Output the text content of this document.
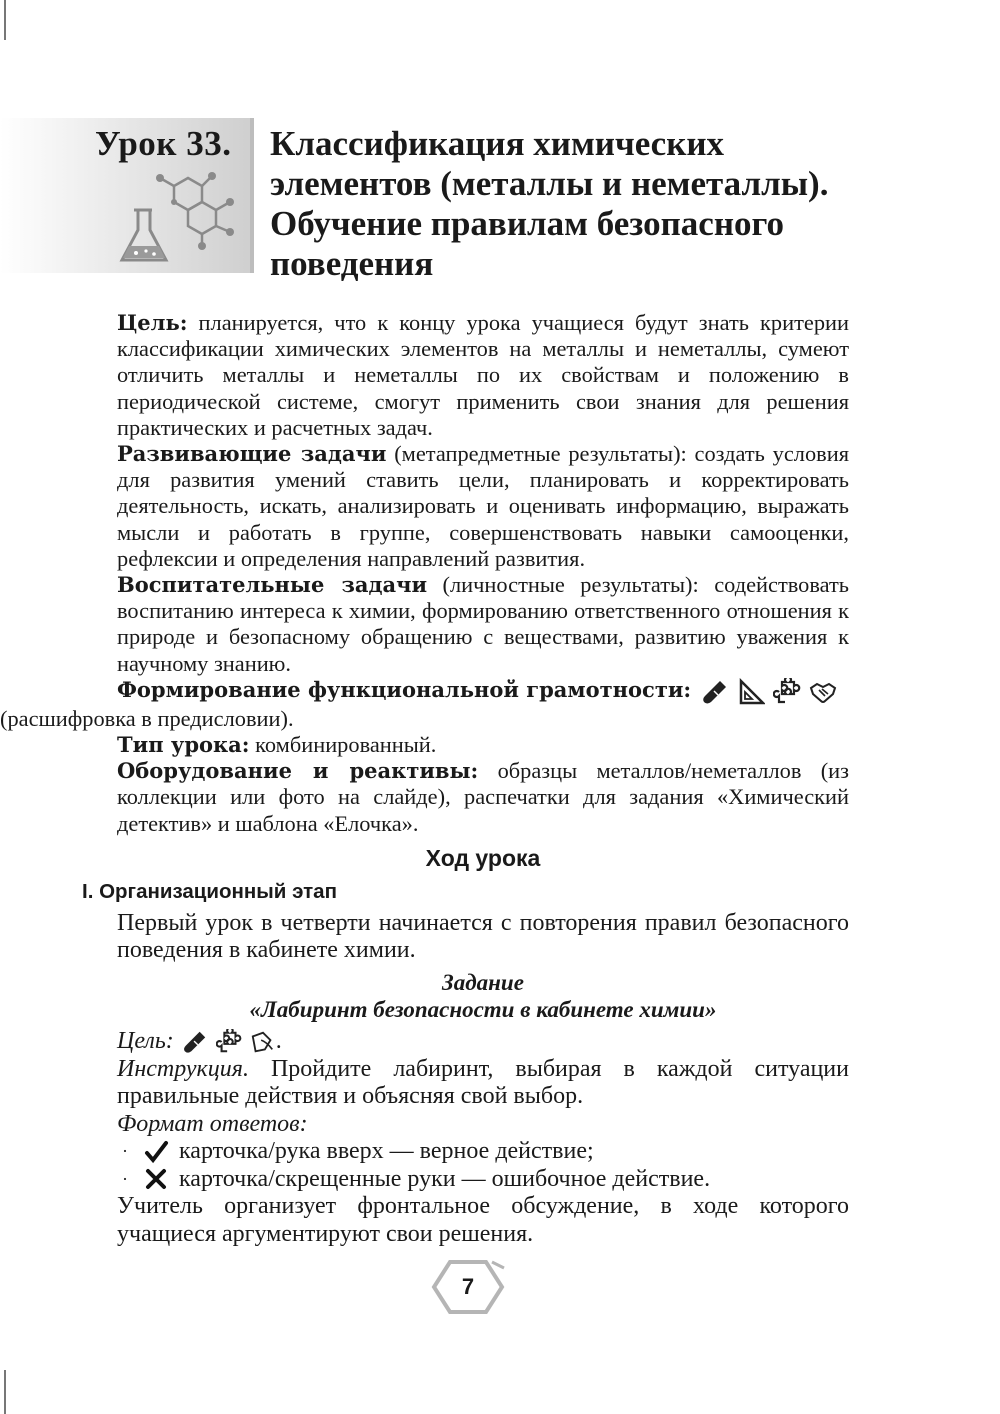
Урок 33. Классификация химических
элементов (металлы и неметаллы).
Обучение правилам безопасного
поведения

Цель: планируется, что к концу урока учащиеся будут знать критерии классификации химических элементов на металлы и неметаллы, сумеют отличить металлы и неметаллы по их свойствам и положению в периодической системе, смогут применить свои знания для решения практических и расчетных задач.

Развивающие задачи (метапредметные результаты): создать условия для развития умений ставить цели, планировать и корректировать деятельность, искать, анализировать и оценивать информацию, выражать мысли и работать в группе, совершенствовать навыки самооценки, рефлексии и определения направлений развития.

Воспитательные задачи (личностные результаты): содействовать воспитанию интереса к химии, формированию ответственного отношения к природе и безопасному обращению с веществами, развитию уважения к научному знанию.

Формирование функциональной грамотности:

(расшифровка в предисловии).

Тип урока: комбинированный.

Оборудование и реактивы: образцы металлов/неметаллов (из коллекции или фото на слайде), распечатки для задания «Химический детектив» и шаблона «Елочка».

Ход урока
I. Организационный этап
Первый урок в четверти начинается с повторения правил безопасного поведения в кабинете химии.
Задание
«Лабиринт безопасности в кабинете химии»
Цель:	.
Инструкция. Пройдите лабиринт, выбирая в каждой ситуации правильные действия и объясняя свой выбор.
Формат ответов:
· карточка/рука вверх — верное действие;
· карточка/скрещенные руки — ошибочное действие.
Учитель организует фронтальное обсуждение, в ходе которого учащиеся аргументируют свои решения.
7
